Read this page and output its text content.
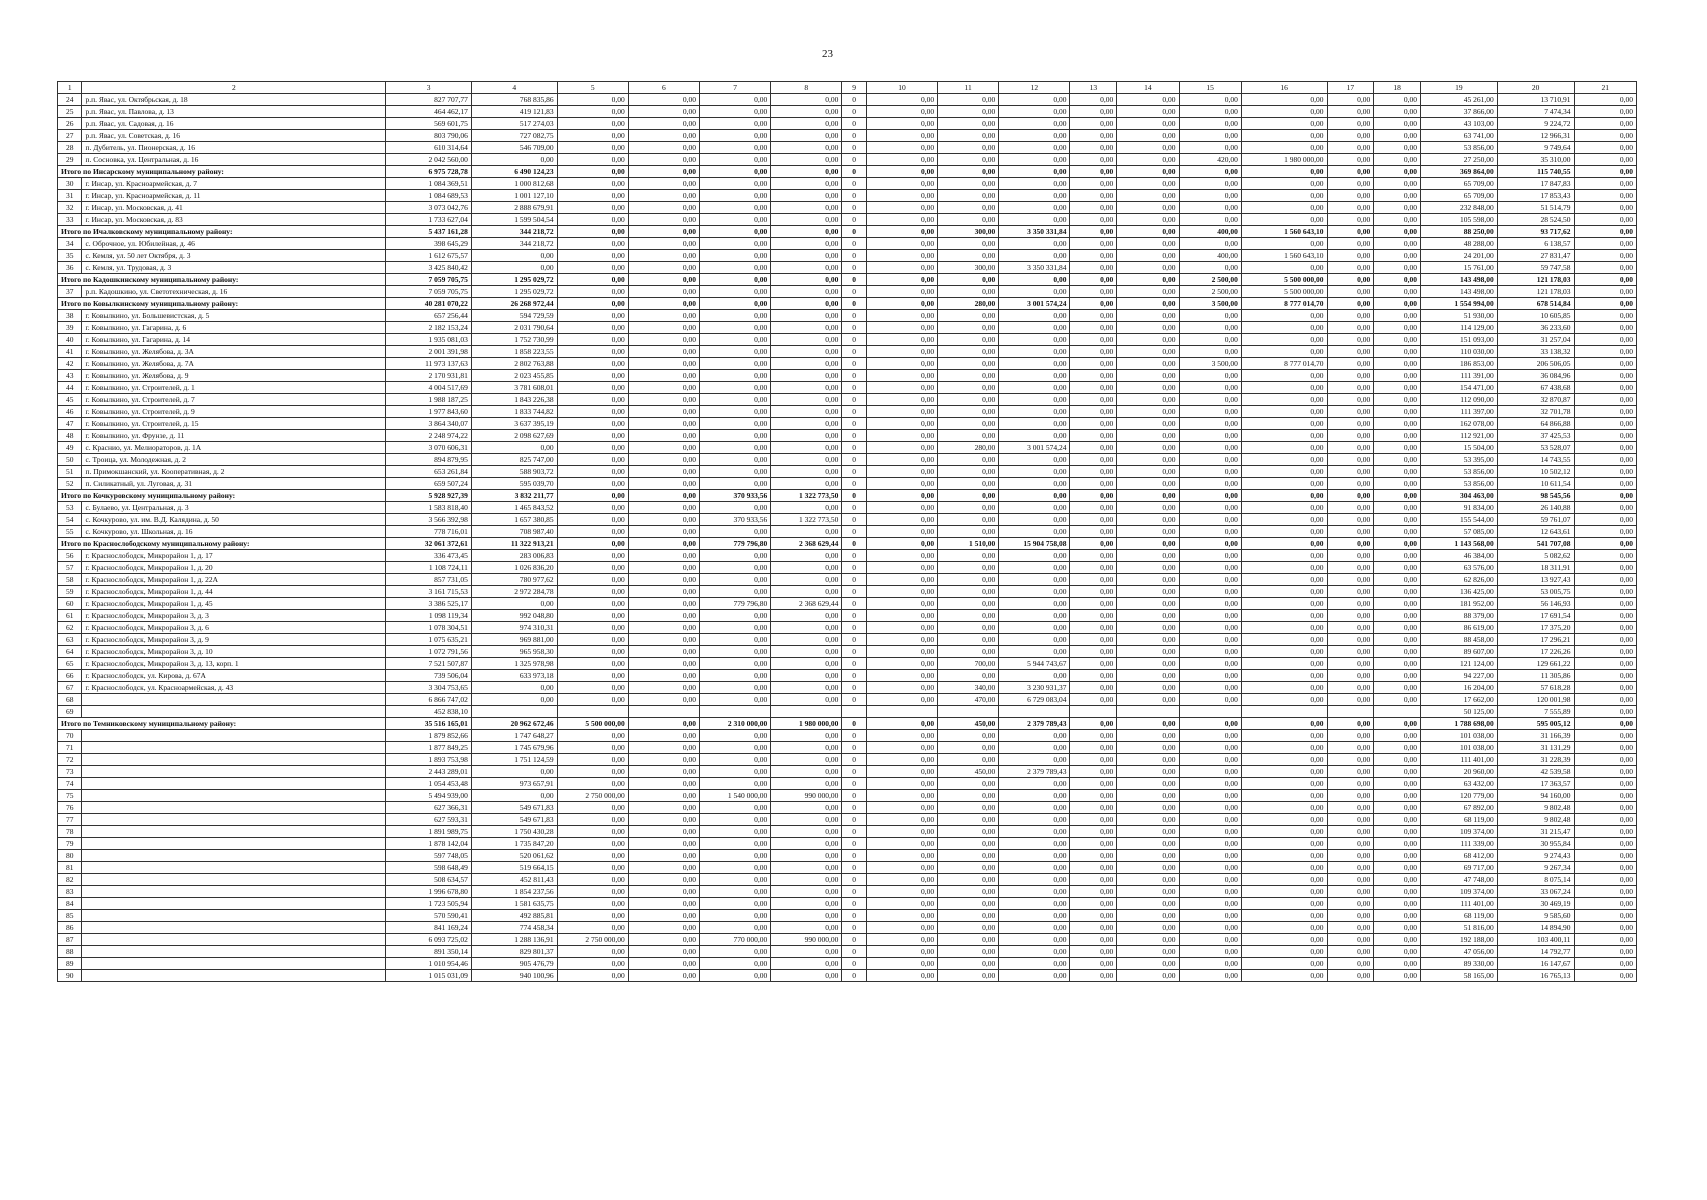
23
1	2	3	4	5	6	7	8	9	10	11	12	13	14	15	16	17	18	19	20	21
24	р.п. Явас, ул. Октябрьская, д. 18	827 707,77	768 835,86	0,00	0,00	0,00	0,00	0	0,00	0,00	0,00	0,00	0,00	0,00	0,00	0,00	0,00	45 261,00	13 710,91	0,00
25	р.п. Явас, ул. Павлова, д. 13	464 462,17	419 121,83	0,00	0,00	0,00	0,00	0	0,00	0,00	0,00	0,00	0,00	0,00	0,00	0,00	0,00	37 866,00	7 474,34	0,00
26	р.п. Явас, ул. Садовая, д. 16	569 601,75	517 274,03	0,00	0,00	0,00	0,00	0	0,00	0,00	0,00	0,00	0,00	0,00	0,00	0,00	0,00	43 103,00	9 224,72	0,00
27	р.п. Явас, ул. Советская, д. 16	803 790,06	727 082,75	0,00	0,00	0,00	0,00	0	0,00	0,00	0,00	0,00	0,00	0,00	0,00	0,00	0,00	63 741,00	12 966,31	0,00
28	п. Дубитель, ул. Пионерская, д. 16	610 314,64	546 709,00	0,00	0,00	0,00	0,00	0	0,00	0,00	0,00	0,00	0,00	0,00	0,00	0,00	0,00	53 856,00	9 749,64	0,00
29	п. Сосновка, ул. Центральная, д. 16	2 042 560,00	0,00	0,00	0,00	0,00	0,00	0	0,00	0,00	0,00	0,00	0,00	420,00	1 980 000,00	0,00	0,00	27 250,00	35 310,00	0,00
Итого по Инсарскому муниципальному району:		6 975 728,78	6 490 124,23	0,00	0,00	0,00	0,00	0	0,00	0,00	0,00	0,00	0,00	0,00	0,00	0,00	0,00	369 864,00	115 740,55	0,00
30	г. Инсар, ул. Красноармейская, д. 7	1 084 369,51	1 000 812,68	0,00	0,00	0,00	0,00	0	0,00	0,00	0,00	0,00	0,00	0,00	0,00	0,00	0,00	65 709,00	17 847,83	0,00
31	г. Инсар, ул. Красноармейская, д. 11	1 084 689,53	1 001 127,10	0,00	0,00	0,00	0,00	0	0,00	0,00	0,00	0,00	0,00	0,00	0,00	0,00	0,00	65 709,00	17 853,43	0,00
32	г. Инсар, ул. Московская, д. 41	3 073 042,76	2 888 679,91	0,00	0,00	0,00	0,00	0	0,00	0,00	0,00	0,00	0,00	0,00	0,00	0,00	0,00	232 848,00	51 514,79	0,00
33	г. Инсар, ул. Московская, д. 83	1 733 627,04	1 599 504,54	0,00	0,00	0,00	0,00	0	0,00	0,00	0,00	0,00	0,00	0,00	0,00	0,00	0,00	105 598,00	28 524,50	0,00
Итого по Ичалковскому муниципальному району:		5 437 161,28	344 218,72	0,00	0,00	0,00	0,00	0	0,00	300,00	3 350 331,84	0,00	0,00	400,00	1 560 643,10	0,00	0,00	88 250,00	93 717,62	0,00
34	с. Оброчное, ул. Юбилейная, д. 46	398 645,29	344 218,72	0,00	0,00	0,00	0,00	0	0,00	0,00	0,00	0,00	0,00	0,00	0,00	0,00	0,00	48 288,00	6 138,57	0,00
35	с. Кемля, ул. 50 лет Октября, д. 3	1 612 675,57	0,00	0,00	0,00	0,00	0,00	0	0,00	0,00	0,00	0,00	0,00	400,00	1 560 643,10	0,00	0,00	24 201,00	27 831,47	0,00
36	с. Кемля, ул. Трудовая, д. 3	3 425 840,42	0,00	0,00	0,00	0,00	0,00	0	0,00	300,00	3 350 331,84	0,00	0,00	0,00	0,00	0,00	0,00	15 761,00	59 747,58	0,00
Итого по Кадошкинскому муниципальному району:		7 059 705,75	1 295 029,72	0,00	0,00	0,00	0,00	0	0,00	0,00	0,00	0,00	0,00	2 500,00	5 500 000,00	0,00	0,00	143 498,00	121 178,03	0,00
37	р.п. Кадошкино, ул. Светотехническая, д. 16	7 059 705,75	1 295 029,72	0,00	0,00	0,00	0,00	0	0,00	0,00	0,00	0,00	0,00	2 500,00	5 500 000,00	0,00	0,00	143 498,00	121 178,03	0,00
Итого по Ковылкинскому муниципальному району:		40 281 070,22	26 268 972,44	0,00	0,00	0,00	0,00	0	0,00	280,00	3 001 574,24	0,00	0,00	3 500,00	8 777 014,70	0,00	0,00	1 554 994,00	678 514,84	0,00
38	г. Ковылкино, ул. Большевистская, д. 5	657 256,44	594 729,59	0,00	0,00	0,00	0,00	0	0,00	0,00	0,00	0,00	0,00	0,00	0,00	0,00	0,00	51 930,00	10 605,85	0,00
39	г. Ковылкино, ул. Гагарина, д. 6	2 182 153,24	2 031 790,64	0,00	0,00	0,00	0,00	0	0,00	0,00	0,00	0,00	0,00	0,00	0,00	0,00	0,00	114 129,00	36 233,60	0,00
40	г. Ковылкино, ул. Гагарина, д. 14	1 935 081,03	1 752 730,99	0,00	0,00	0,00	0,00	0	0,00	0,00	0,00	0,00	0,00	0,00	0,00	0,00	0,00	151 093,00	31 257,04	0,00
41	г. Ковылкино, ул. Желябова, д. 3А	2 001 391,98	1 858 223,55	0,00	0,00	0,00	0,00	0	0,00	0,00	0,00	0,00	0,00	0,00	0,00	0,00	0,00	110 030,00	33 138,32	0,00
42	г. Ковылкино, ул. Желябова, д. 7А	11 973 137,63	2 802 763,88	0,00	0,00	0,00	0,00	0	0,00	0,00	0,00	0,00	0,00	3 500,00	8 777 014,70	0,00	0,00	186 853,00	206 506,05	0,00
43	г. Ковылкино, ул. Желябова, д. 9	2 170 931,81	2 023 455,85	0,00	0,00	0,00	0,00	0	0,00	0,00	0,00	0,00	0,00	0,00	0,00	0,00	0,00	111 391,00	36 084,96	0,00
44	г. Ковылкино, ул. Строителей, д. 1	4 004 517,69	3 781 608,01	0,00	0,00	0,00	0,00	0	0,00	0,00	0,00	0,00	0,00	0,00	0,00	0,00	0,00	154 471,00	67 438,68	0,00
45	г. Ковылкино, ул. Строителей, д. 7	1 988 187,25	1 843 226,38	0,00	0,00	0,00	0,00	0	0,00	0,00	0,00	0,00	0,00	0,00	0,00	0,00	0,00	112 090,00	32 870,87	0,00
46	г. Ковылкино, ул. Строителей, д. 9	1 977 843,60	1 833 744,82	0,00	0,00	0,00	0,00	0	0,00	0,00	0,00	0,00	0,00	0,00	0,00	0,00	0,00	111 397,00	32 701,78	0,00
47	г. Ковылкино, ул. Строителей, д. 15	3 864 340,07	3 637 395,19	0,00	0,00	0,00	0,00	0	0,00	0,00	0,00	0,00	0,00	0,00	0,00	0,00	0,00	162 078,00	64 866,88	0,00
48	г. Ковылкино, ул. Фрунзе, д. 11	2 248 974,22	2 098 627,69	0,00	0,00	0,00	0,00	0	0,00	0,00	0,00	0,00	0,00	0,00	0,00	0,00	0,00	112 921,00	37 425,53	0,00
49	с. Краснио, ул. Мелиораторов, д. 1А	3 070 606,31	0,00	0,00	0,00	0,00	0,00	0	0,00	280,00	3 001 574,24	0,00	0,00	0,00	0,00	0,00	0,00	15 504,00	53 528,07	0,00
50	с. Троица, ул. Молодежная, д. 2	894 879,95	825 747,00	0,00	0,00	0,00	0,00	0	0,00	0,00	0,00	0,00	0,00	0,00	0,00	0,00	0,00	53 395,00	14 743,55	0,00
51	п. Примокшанский, ул. Кооперативная, д. 2	653 261,84	588 903,72	0,00	0,00	0,00	0,00	0	0,00	0,00	0,00	0,00	0,00	0,00	0,00	0,00	0,00	53 856,00	10 502,12	0,00
52	п. Силикатный, ул. Луговая, д. 31	659 507,24	595 039,70	0,00	0,00	0,00	0,00	0	0,00	0,00	0,00	0,00	0,00	0,00	0,00	0,00	0,00	53 856,00	10 611,54	0,00
Итого по Кочкуровскому муниципальному району:		5 928 927,39	3 832 211,77	0,00	0,00	370 933,56	1 322 773,50	0	0,00	0,00	0,00	0,00	0,00	0,00	0,00	0,00	0,00	304 463,00	98 545,56	0,00
53	с. Булаево, ул. Центральная, д. 3	1 583 818,40	1 465 843,52	0,00	0,00	0,00	0,00	0	0,00	0,00	0,00	0,00	0,00	0,00	0,00	0,00	0,00	91 834,00	26 140,88	0,00
54	с. Кочкурово, ул. им. В.Д. Калядина, д. 50	3 566 392,98	1 657 380,85	0,00	0,00	370 933,56	1 322 773,50	0	0,00	0,00	0,00	0,00	0,00	0,00	0,00	0,00	0,00	155 544,00	59 761,07	0,00
55	с. Кочкурово, ул. Школьная, д. 16	778 716,01	708 987,40	0,00	0,00	0,00	0,00	0	0,00	0,00	0,00	0,00	0,00	0,00	0,00	0,00	0,00	57 085,00	12 643,61	0,00
Итого по Краснослободскому муниципальному району:		32 061 372,61	11 322 913,21	0,00	0,00	779 796,80	2 368 629,44	0	0,00	1 510,00	15 904 758,08	0,00	0,00	0,00	0,00	0,00	0,00	1 143 568,00	541 707,08	0,00
56	г. Краснослободск, Микрорайон 1, д. 17	336 473,45	283 006,83	0,00	0,00	0,00	0,00	0	0,00	0,00	0,00	0,00	0,00	0,00	0,00	0,00	0,00	46 384,00	5 082,62	0,00
57	г. Краснослободск, Микрорайон 1, д. 20	1 108 724,11	1 026 836,20	0,00	0,00	0,00	0,00	0	0,00	0,00	0,00	0,00	0,00	0,00	0,00	0,00	0,00	63 576,00	18 311,91	0,00
58	г. Краснослободск, Микрорайон 1, д. 22А	857 731,05	780 977,62	0,00	0,00	0,00	0,00	0	0,00	0,00	0,00	0,00	0,00	0,00	0,00	0,00	0,00	62 826,00	13 927,43	0,00
59	г. Краснослободск, Микрорайон 1, д. 44	3 161 715,53	2 972 284,78	0,00	0,00	0,00	0,00	0	0,00	0,00	0,00	0,00	0,00	0,00	0,00	0,00	0,00	136 425,00	53 005,75	0,00
60	г. Краснослободск, Микрорайон 1, д. 45	3 386 525,17	0,00	0,00	0,00	779 796,80	2 368 629,44	0	0,00	0,00	0,00	0,00	0,00	0,00	0,00	0,00	0,00	181 952,00	56 146,93	0,00
61	г. Краснослободск, Микрорайон 3, д. 3	1 098 119,34	992 048,80	0,00	0,00	0,00	0,00	0	0,00	0,00	0,00	0,00	0,00	0,00	0,00	0,00	0,00	88 379,00	17 691,54	0,00
62	г. Краснослободск, Микрорайон 3, д. 6	1 078 304,51	974 310,31	0,00	0,00	0,00	0,00	0	0,00	0,00	0,00	0,00	0,00	0,00	0,00	0,00	0,00	86 619,00	17 375,20	0,00
63	г. Краснослободск, Микрорайон 3, д. 9	1 075 635,21	969 881,00	0,00	0,00	0,00	0,00	0	0,00	0,00	0,00	0,00	0,00	0,00	0,00	0,00	0,00	88 458,00	17 296,21	0,00
64	г. Краснослободск, Микрорайон 3, д. 10	1 072 791,56	965 958,30	0,00	0,00	0,00	0,00	0	0,00	0,00	0,00	0,00	0,00	0,00	0,00	0,00	0,00	89 607,00	17 226,26	0,00
65	г. Краснослободск, Микрорайон 3, д. 13, корп. 1	7 521 507,87	1 325 978,98	0,00	0,00	0,00	0,00	0	0,00	700,00	5 944 743,67	0,00	0,00	0,00	0,00	0,00	0,00	121 124,00	129 661,22	0,00
66	г. Краснослободск, ул. Кирова, д. 67А	739 506,04	633 973,18	0,00	0,00	0,00	0,00	0	0,00	0,00	0,00	0,00	0,00	0,00	0,00	0,00	0,00	94 227,00	11 305,86	0,00
67	г. Краснослободск, ул. Красноармейская, д. 43	3 304 753,65	0,00	0,00	0,00	0,00	0,00	0	0,00	340,00	3 230 931,37	0,00	0,00	0,00	0,00	0,00	0,00	16 204,00	57 618,28	0,00
68		6 866 747,02	0,00	0,00	0,00	0,00	0,00	0	0,00	470,00	6 729 083,04	0,00	0,00	0,00	0,00	0,00	0,00	17 662,00	120 001,98	0,00
69		452 838,10																50 125,00	7 555,89	0,00
Итого по Темниковскому муниципальному району:		35 516 165,01	20 962 672,46	5 500 000,00	0,00	2 310 000,00	1 980 000,00	0	0,00	450,00	2 379 789,43	0,00	0,00	0,00	0,00	0,00	0,00	1 788 698,00	595 005,12	0,00
70		1 879 852,66	1 747 648,27	0,00	0,00	0,00	0,00	0	0,00	0,00	0,00	0,00	0,00	0,00	0,00	0,00	0,00	101 038,00	31 166,39	0,00
71		1 877 849,25	1 745 679,96	0,00	0,00	0,00	0,00	0	0,00	0,00	0,00	0,00	0,00	0,00	0,00	0,00	0,00	101 038,00	31 131,29	0,00
72		1 893 753,98	1 751 124,59	0,00	0,00	0,00	0,00	0	0,00	0,00	0,00	0,00	0,00	0,00	0,00	0,00	0,00	111 401,00	31 228,39	0,00
73		2 443 289,01	0,00	0,00	0,00	0,00	0,00	0	0,00	450,00	2 379 789,43	0,00	0,00	0,00	0,00	0,00	0,00	20 960,00	42 539,58	0,00
74		1 054 453,48	973 657,91	0,00	0,00	0,00	0,00	0	0,00	0,00	0,00	0,00	0,00	0,00	0,00	0,00	0,00	63 432,00	17 363,57	0,00
75		5 494 939,00	0,00	2 750 000,00	0,00	1 540 000,00	990 000,00	0	0,00	0,00	0,00	0,00	0,00	0,00	0,00	0,00	0,00	120 779,00	94 160,00	0,00
76		627 366,31	549 671,83	0,00	0,00	0,00	0,00	0	0,00	0,00	0,00	0,00	0,00	0,00	0,00	0,00	0,00	67 892,00	9 802,48	0,00
77		627 593,31	549 671,83	0,00	0,00	0,00	0,00	0	0,00	0,00	0,00	0,00	0,00	0,00	0,00	0,00	0,00	68 119,00	9 802,48	0,00
78		1 891 989,75	1 750 430,28	0,00	0,00	0,00	0,00	0	0,00	0,00	0,00	0,00	0,00	0,00	0,00	0,00	0,00	109 374,00	31 215,47	0,00
79		1 878 142,04	1 735 847,20	0,00	0,00	0,00	0,00	0	0,00	0,00	0,00	0,00	0,00	0,00	0,00	0,00	0,00	111 339,00	30 955,84	0,00
80		597 748,05	520 061,62	0,00	0,00	0,00	0,00	0	0,00	0,00	0,00	0,00	0,00	0,00	0,00	0,00	0,00	68 412,00	9 274,43	0,00
81		598 648,49	519 664,15	0,00	0,00	0,00	0,00	0	0,00	0,00	0,00	0,00	0,00	0,00	0,00	0,00	0,00	69 717,00	9 267,34	0,00
82		508 634,57	452 811,43	0,00	0,00	0,00	0,00	0	0,00	0,00	0,00	0,00	0,00	0,00	0,00	0,00	0,00	47 748,00	8 075,14	0,00
83		1 996 678,80	1 854 237,56	0,00	0,00	0,00	0,00	0	0,00	0,00	0,00	0,00	0,00	0,00	0,00	0,00	0,00	109 374,00	33 067,24	0,00
84		1 723 505,94	1 581 635,75	0,00	0,00	0,00	0,00	0	0,00	0,00	0,00	0,00	0,00	0,00	0,00	0,00	0,00	111 401,00	30 469,19	0,00
85		570 590,41	492 885,81	0,00	0,00	0,00	0,00	0	0,00	0,00	0,00	0,00	0,00	0,00	0,00	0,00	0,00	68 119,00	9 585,60	0,00
86		841 169,24	774 458,34	0,00	0,00	0,00	0,00	0	0,00	0,00	0,00	0,00	0,00	0,00	0,00	0,00	0,00	51 816,00	14 894,90	0,00
87		6 093 725,02	1 288 136,91	2 750 000,00	0,00	770 000,00	990 000,00	0	0,00	0,00	0,00	0,00	0,00	0,00	0,00	0,00	0,00	192 188,00	103 400,11	0,00
88		891 350,14	829 801,37	0,00	0,00	0,00	0,00	0	0,00	0,00	0,00	0,00	0,00	0,00	0,00	0,00	0,00	47 056,00	14 792,77	0,00
89		1 010 954,46	905 476,79	0,00	0,00	0,00	0,00	0	0,00	0,00	0,00	0,00	0,00	0,00	0,00	0,00	0,00	89 330,00	16 147,67	0,00
90		1 015 031,09	940 100,96	0,00	0,00	0,00	0,00	0	0,00	0,00	0,00	0,00	0,00	0,00	0,00	0,00	0,00	58 165,00	16 765,13	0,00
